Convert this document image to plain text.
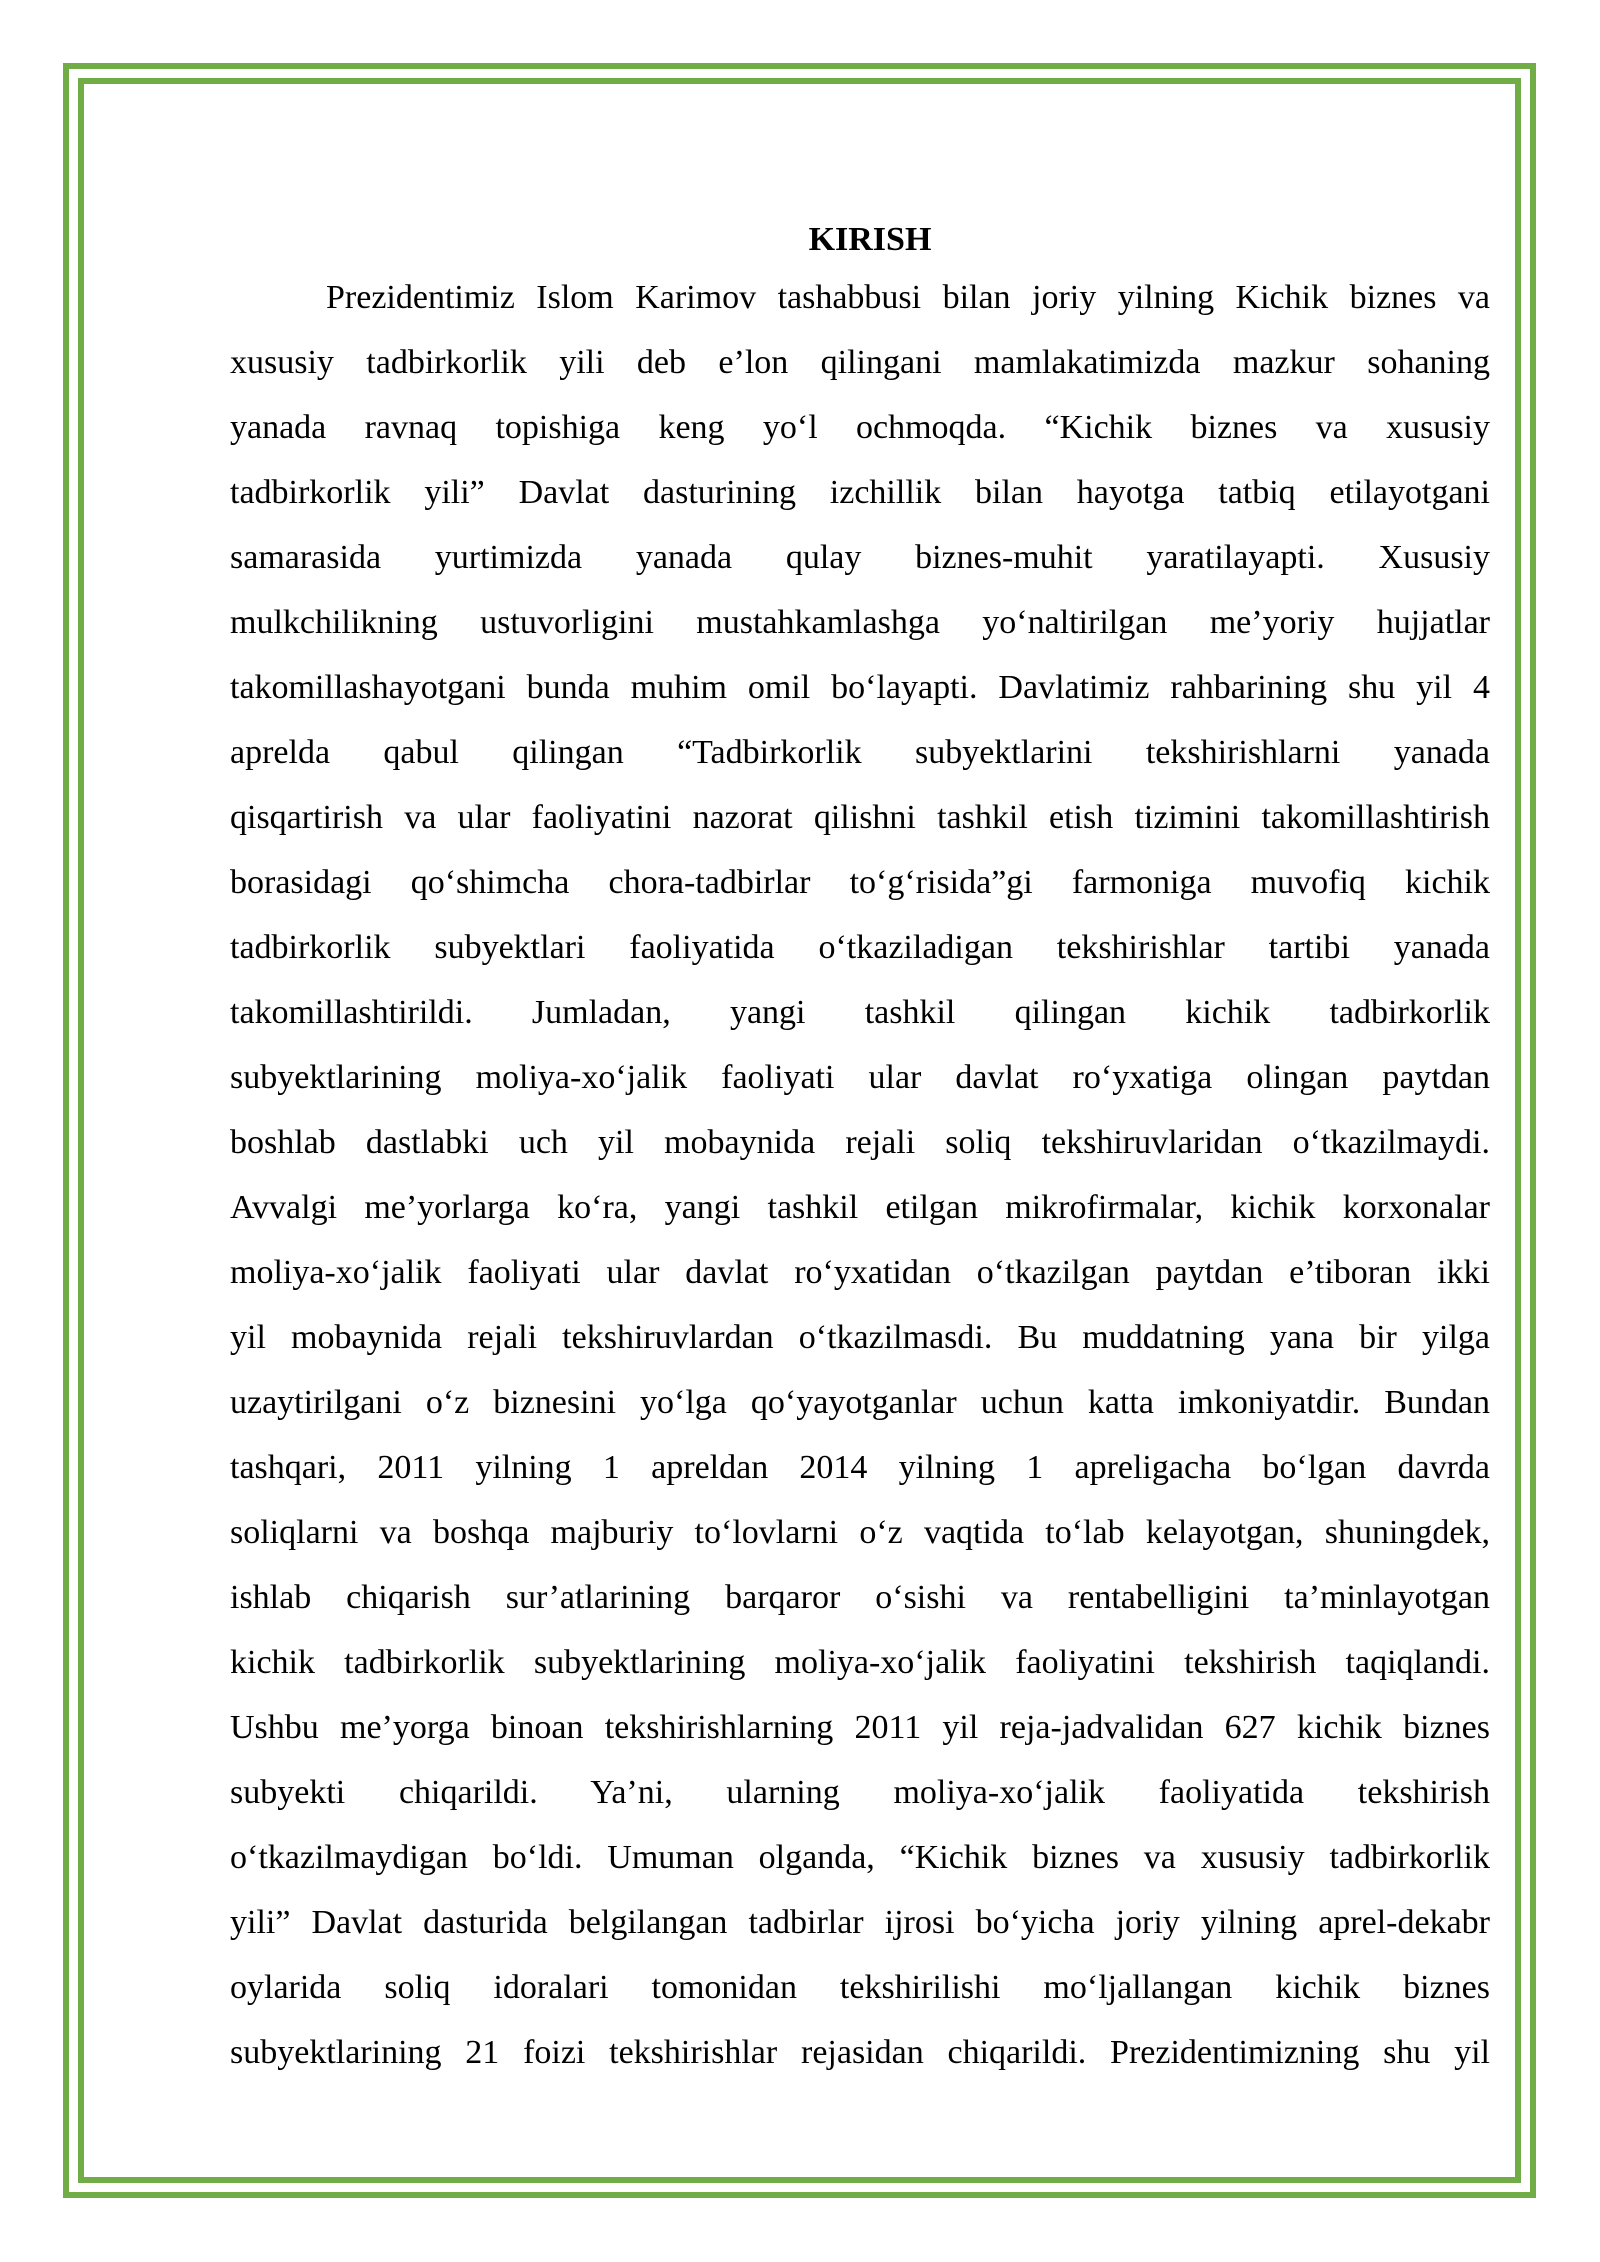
KIRISH
Prezidentimiz Islom Karimov tashabbusi bilan joriy yilning Kichik biznes va
xususiy tadbirkorlik yili deb e’lon qilingani mamlakatimizda mazkur sohaning
yanada ravnaq topishiga keng yo‘l ochmoqda. “Kichik biznes va xususiy
tadbirkorlik yili” Davlat dasturining izchillik bilan hayotga tatbiq etilayotgani
samarasida yurtimizda yanada qulay biznes-muhit yaratilayapti. Xususiy
mulkchilikning ustuvorligini mustahkamlashga yo‘naltirilgan me’yoriy hujjatlar
takomillashayotgani bunda muhim omil bo‘layapti. Davlatimiz rahbarining shu yil 4
aprelda qabul qilingan “Tadbirkorlik subyektlarini tekshirishlarni yanada
qisqartirish va ular faoliyatini nazorat qilishni tashkil etish tizimini takomillashtirish
borasidagi qo‘shimcha chora-tadbirlar to‘g‘risida”gi farmoniga muvofiq kichik
tadbirkorlik subyektlari faoliyatida o‘tkaziladigan tekshirishlar tartibi yanada
takomillashtirildi. Jumladan, yangi tashkil qilingan kichik tadbirkorlik
subyektlarining moliya-xo‘jalik faoliyati ular davlat ro‘yxatiga olingan paytdan
boshlab dastlabki uch yil mobaynida rejali soliq tekshiruvlaridan o‘tkazilmaydi.
Avvalgi me’yorlarga ko‘ra, yangi tashkil etilgan mikrofirmalar, kichik korxonalar
moliya-xo‘jalik faoliyati ular davlat ro‘yxatidan o‘tkazilgan paytdan e’tiboran ikki
yil mobaynida rejali tekshiruvlardan o‘tkazilmasdi. Bu muddatning yana bir yilga
uzaytirilgani o‘z biznesini yo‘lga qo‘yayotganlar uchun katta imkoniyatdir. Bundan
tashqari, 2011 yilning 1 apreldan 2014 yilning 1 apreligacha bo‘lgan davrda
soliqlarni va boshqa majburiy to‘lovlarni o‘z vaqtida to‘lab kelayotgan, shuningdek,
ishlab chiqarish sur’atlarining barqaror o‘sishi va rentabelligini ta’minlayotgan
kichik tadbirkorlik subyektlarining moliya-xo‘jalik faoliyatini tekshirish taqiqlandi.
Ushbu me’yorga binoan tekshirishlarning 2011 yil reja-jadvalidan 627 kichik biznes
subyekti chiqarildi. Ya’ni, ularning moliya-xo‘jalik faoliyatida tekshirish
o‘tkazilmaydigan bo‘ldi. Umuman olganda, “Kichik biznes va xususiy tadbirkorlik
yili” Davlat dasturida belgilangan tadbirlar ijrosi bo‘yicha joriy yilning aprel-dekabr
oylarida soliq idoralari tomonidan tekshirilishi mo‘ljallangan kichik biznes
subyektlarining 21 foizi tekshirishlar rejasidan chiqarildi. Prezidentimizning shu yil
